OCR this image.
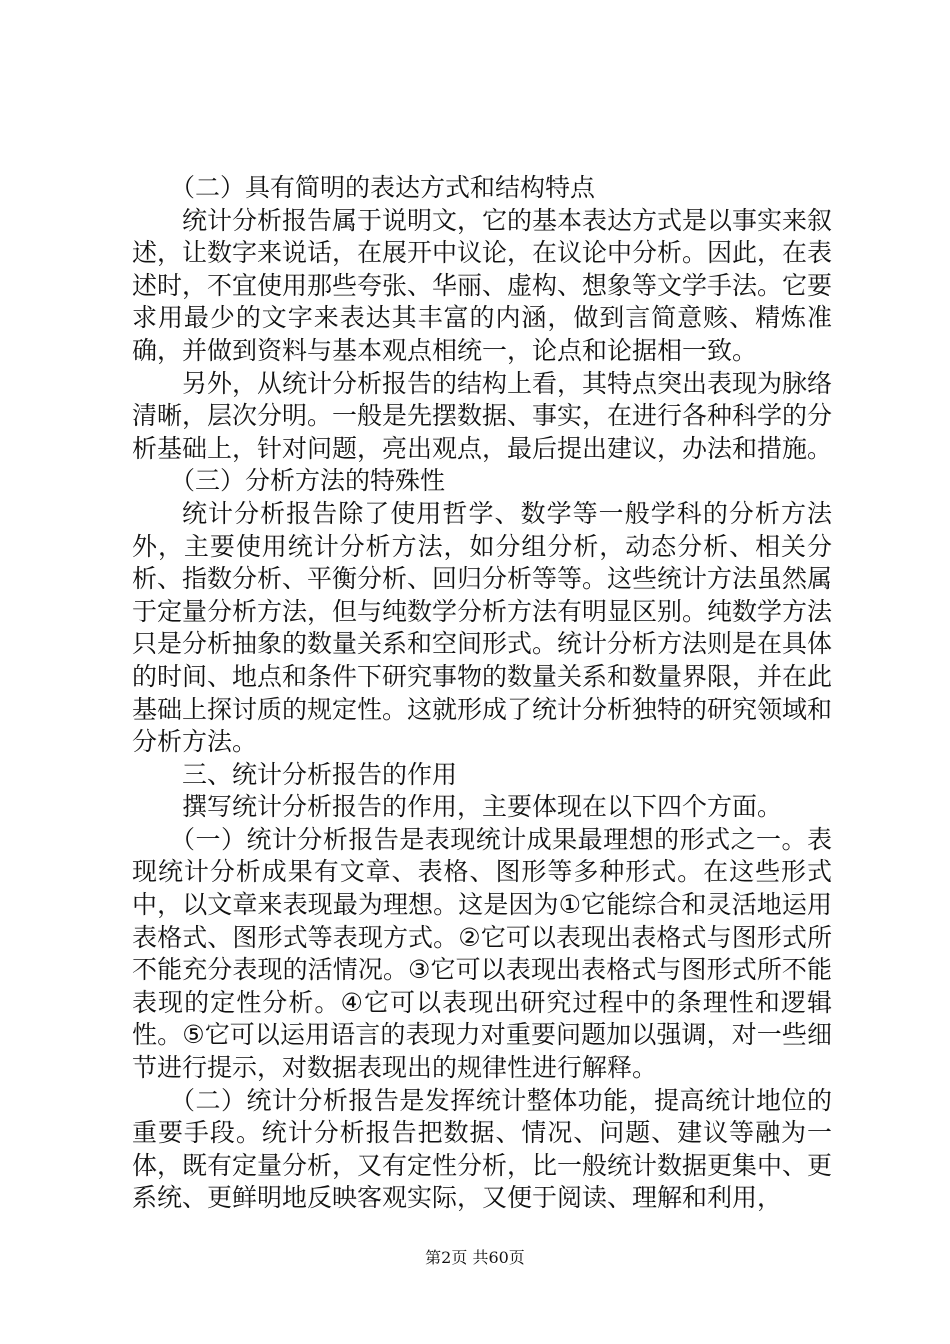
（二）具有简明的表达方式和结构特点

统计分析报告属于说明文，它的基本表达方式是以事实来叙述，让数字来说话，在展开中议论，在议论中分析。因此，在表述时，不宜使用那些夸张、华丽、虚构、想象等文学手法。它要求用最少的文字来表达其丰富的内涵，做到言简意赅、精炼准确，并做到资料与基本观点相统一，论点和论据相一致。

另外，从统计分析报告的结构上看，其特点突出表现为脉络清晰，层次分明。一般是先摆数据、事实，在进行各种科学的分析基础上，针对问题，亮出观点，最后提出建议，办法和措施。

（三）分析方法的特殊性

统计分析报告除了使用哲学、数学等一般学科的分析方法外，主要使用统计分析方法，如分组分析，动态分析、相关分析、指数分析、平衡分析、回归分析等等。这些统计方法虽然属于定量分析方法，但与纯数学分析方法有明显区别。纯数学方法只是分析抽象的数量关系和空间形式。统计分析方法则是在具体的时间、地点和条件下研究事物的数量关系和数量界限，并在此基础上探讨质的规定性。这就形成了统计分析独特的研究领域和分析方法。

三、统计分析报告的作用

撰写统计分析报告的作用，主要体现在以下四个方面。

（一）统计分析报告是表现统计成果最理想的形式之一。表现统计分析成果有文章、表格、图形等多种形式。在这些形式中，以文章来表现最为理想。这是因为①它能综合和灵活地运用表格式、图形式等表现方式。②它可以表现出表格式与图形式所不能充分表现的活情况。③它可以表现出表格式与图形式所不能表现的定性分析。④它可以表现出研究过程中的条理性和逻辑性。⑤它可以运用语言的表现力对重要问题加以强调，对一些细节进行提示，对数据表现出的规律性进行解释。

（二）统计分析报告是发挥统计整体功能，提高统计地位的重要手段。统计分析报告把数据、情况、问题、建议等融为一体，既有定量分析，又有定性分析，比一般统计数据更集中、更系统、更鲜明地反映客观实际，又便于阅读、理解和利用，

第2页 共60页
